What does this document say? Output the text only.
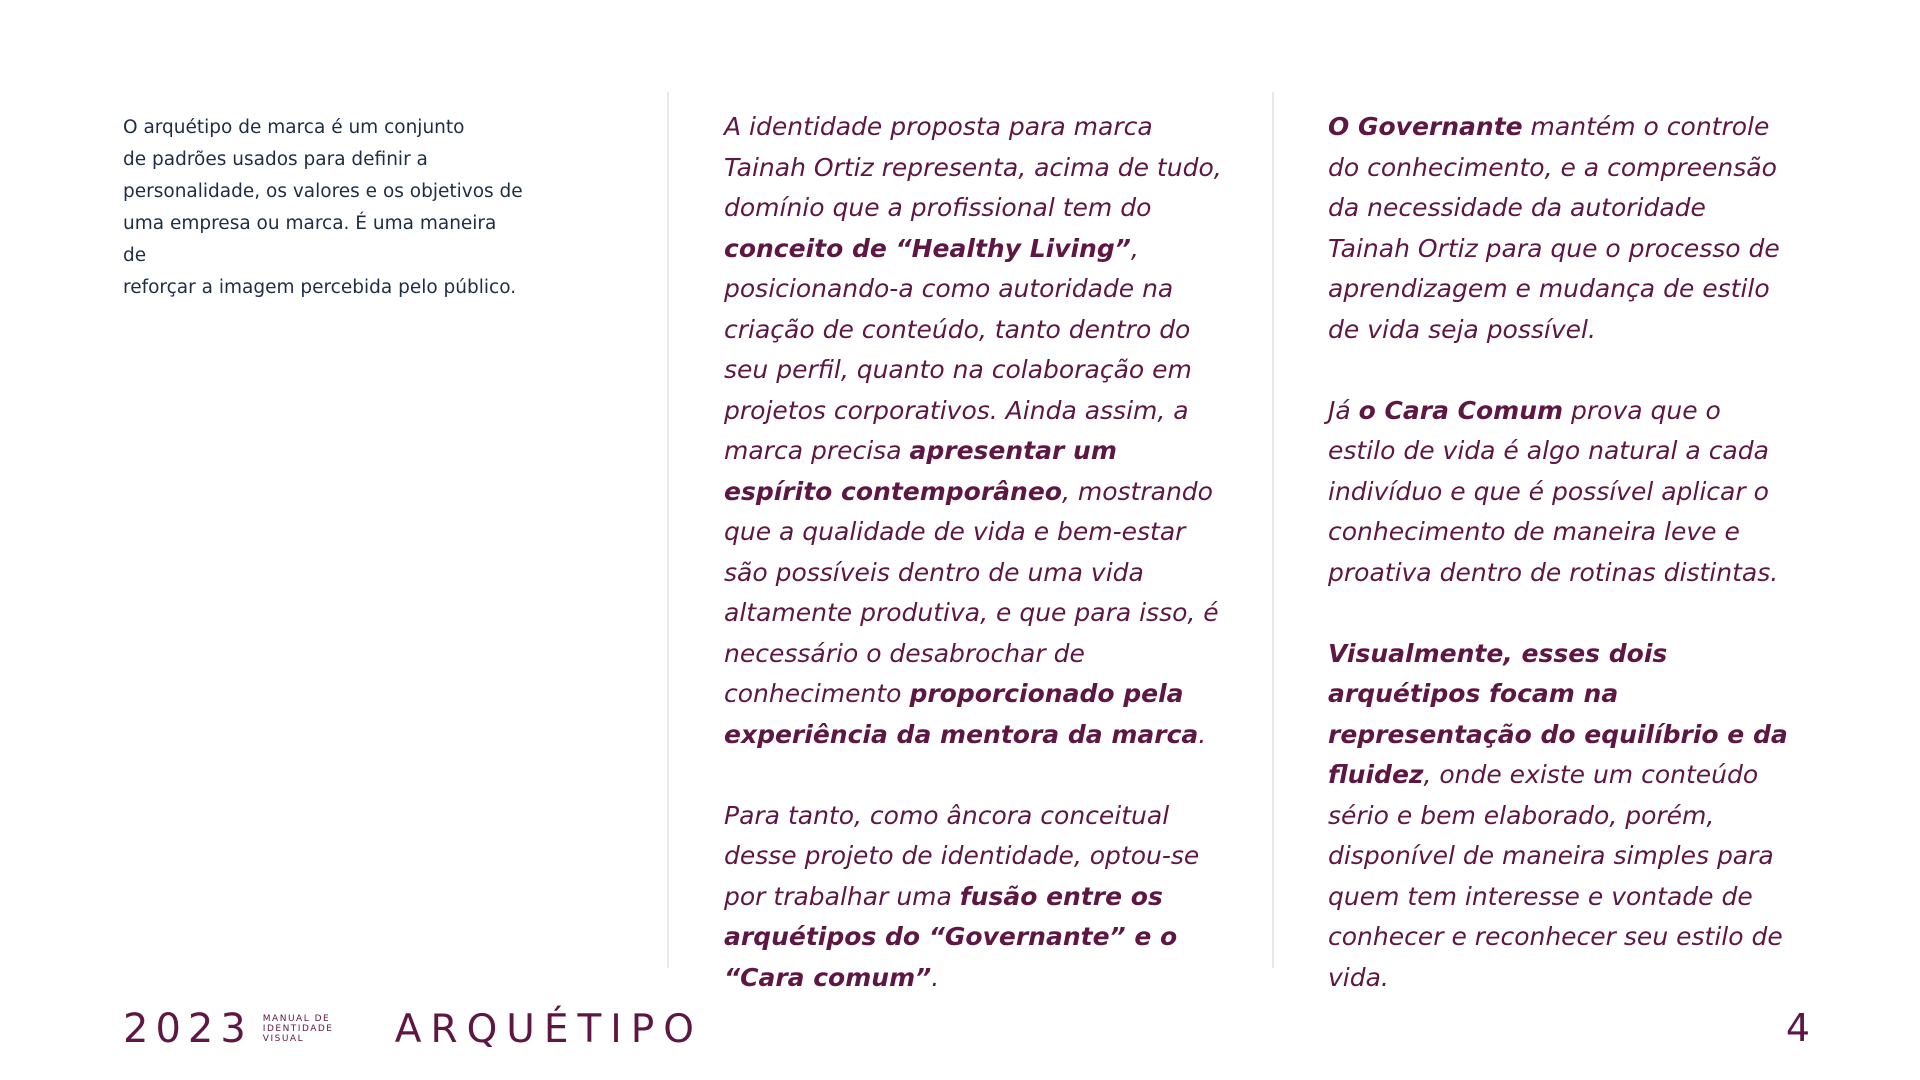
O arquétipo de marca é um conjunto
de padrões usados para definir a
personalidade, os valores e os objetivos de
uma empresa ou marca. É uma maneira de
reforçar a imagem percebida pelo público.

A identidade proposta para marca Tainah Ortiz representa, acima de tudo, domínio que a profissional tem do conceito de “Healthy Living”, posicionando-a como autoridade na criação de conteúdo, tanto dentro do seu perfil, quanto na colaboração em projetos corporativos. Ainda assim, a marca precisa apresentar um espírito contemporâneo, mostrando que a qualidade de vida e bem-estar são possíveis dentro de uma vida altamente produtiva, e que para isso, é necessário o desabrochar de conhecimento proporcionado pela experiência da mentora da marca.

Para tanto, como âncora conceitual desse projeto de identidade, optou-se por trabalhar uma fusão entre os arquétipos do “Governante” e o “Cara comum”.

O Governante mantém o controle do conhecimento, e a compreensão da necessidade da autoridade Tainah Ortiz para que o processo de aprendizagem e mudança de estilo de vida seja possível.

Já o Cara Comum prova que o estilo de vida é algo natural a cada indivíduo e que é possível aplicar o conhecimento de maneira leve e proativa dentro de rotinas distintas.

Visualmente, esses dois arquétipos focam na representação do equilíbrio e da fluidez, onde existe um conteúdo sério e bem elaborado, porém, disponível de maneira simples para quem tem interesse e vontade de conhecer e reconhecer seu estilo de vida.

2023 MANUAL DE
IDENTIDADE
VISUAL	ARQUÉTIPO	4
